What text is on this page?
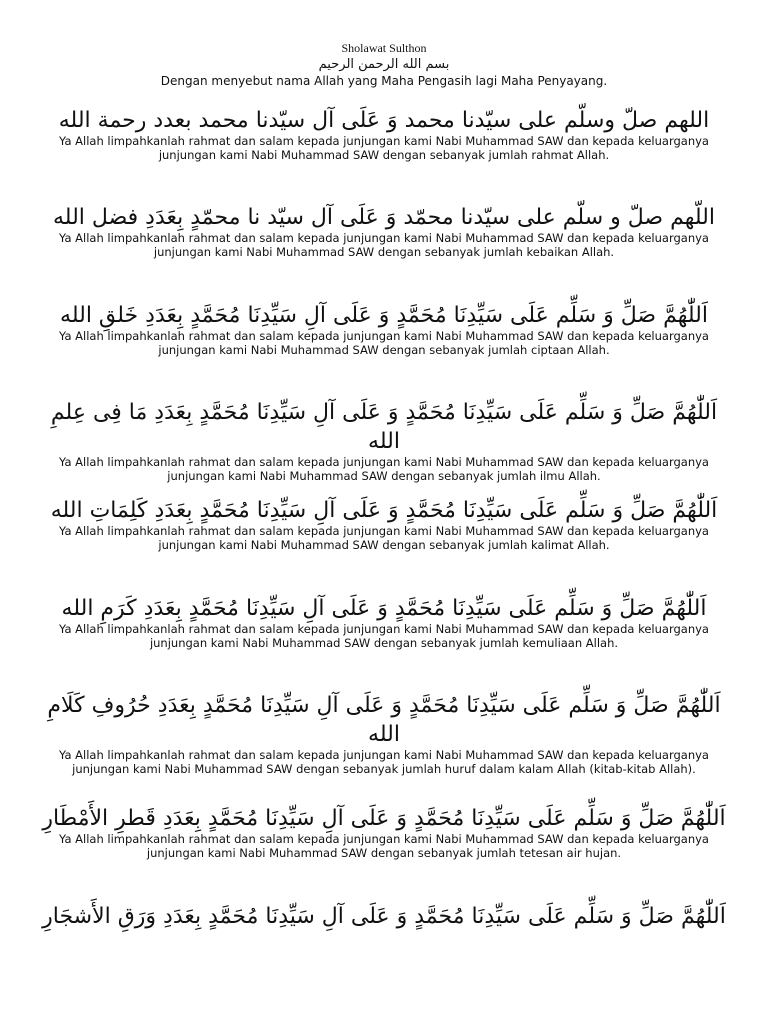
Sholawat Sulthon
بسم الله الرحمن الرحيم
Dengan menyebut nama Allah yang Maha Pengasih lagi Maha Penyayang.

اللهم صلّ وسلّم على سيّدنا محمد وَ عَلَى آل سيّدنا محمد بعدد رحمة الله

Ya Allah limpahkanlah rahmat dan salam kepada junjungan kami Nabi Muhammad SAW dan kepada keluarganya junjungan kami Nabi Muhammad SAW dengan sebanyak jumlah rahmat Allah.

اللّهم صلّ و سلّم على سيّدنا محمّد وَ عَلَى آل سيّد نا محمّدٍ بِعَدَدِ فضل الله

Ya Allah limpahkanlah rahmat dan salam kepada junjungan kami Nabi Muhammad SAW dan kepada keluarganya junjungan kami Nabi Muhammad SAW dengan sebanyak jumlah kebaikan Allah.

اَللّٰهُمَّ صَلِّ وَ سَلِّم عَلَى سَيِّدِنَا مُحَمَّدٍ وَ عَلَى آلِ سَيِّدِنَا مُحَمَّدٍ بِعَدَدِ خَلقِ الله

Ya Allah limpahkanlah rahmat dan salam kepada junjungan kami Nabi Muhammad SAW dan kepada keluarganya junjungan kami Nabi Muhammad SAW dengan sebanyak jumlah ciptaan Allah.

اَللّٰهُمَّ صَلِّ وَ سَلِّم عَلَى سَيِّدِنَا مُحَمَّدٍ وَ عَلَى آلِ سَيِّدِنَا مُحَمَّدٍ بِعَدَدِ مَا فِى عِلمِ الله

Ya Allah limpahkanlah rahmat dan salam kepada junjungan kami Nabi Muhammad SAW dan kepada keluarganya junjungan kami Nabi Muhammad SAW dengan sebanyak jumlah ilmu Allah.

اَللّٰهُمَّ صَلِّ وَ سَلِّم عَلَى سَيِّدِنَا مُحَمَّدٍ وَ عَلَى آلِ سَيِّدِنَا مُحَمَّدٍ بِعَدَدِ كَلِمَاتِ الله

Ya Allah limpahkanlah rahmat dan salam kepada junjungan kami Nabi Muhammad SAW dan kepada keluarganya junjungan kami Nabi Muhammad SAW dengan sebanyak jumlah kalimat Allah.

اَللّٰهُمَّ صَلِّ وَ سَلِّم عَلَى سَيِّدِنَا مُحَمَّدٍ وَ عَلَى آلِ سَيِّدِنَا مُحَمَّدٍ بِعَدَدِ كَرَمِ الله

Ya Allah limpahkanlah rahmat dan salam kepada junjungan kami Nabi Muhammad SAW dan kepada keluarganya junjungan kami Nabi Muhammad SAW dengan sebanyak jumlah kemuliaan Allah.

اَللّٰهُمَّ صَلِّ وَ سَلِّم عَلَى سَيِّدِنَا مُحَمَّدٍ وَ عَلَى آلِ سَيِّدِنَا مُحَمَّدٍ بِعَدَدِ حُرُوفِ كَلَامِ الله

Ya Allah limpahkanlah rahmat dan salam kepada junjungan kami Nabi Muhammad SAW dan kepada keluarganya junjungan kami Nabi Muhammad SAW dengan sebanyak jumlah huruf dalam kalam Allah (kitab-kitab Allah).

اَللّٰهُمَّ صَلِّ وَ سَلِّم عَلَى سَيِّدِنَا مُحَمَّدٍ وَ عَلَى آلِ سَيِّدِنَا مُحَمَّدٍ بِعَدَدِ قَطرِ الأَمْطَارِ

Ya Allah limpahkanlah rahmat dan salam kepada junjungan kami Nabi Muhammad SAW dan kepada keluarganya junjungan kami Nabi Muhammad SAW dengan sebanyak jumlah tetesan air hujan.

اَللّٰهُمَّ صَلِّ وَ سَلِّم عَلَى سَيِّدِنَا مُحَمَّدٍ وَ عَلَى آلِ سَيِّدِنَا مُحَمَّدٍ بِعَدَدِ وَرَقِ الأَشجَارِ
